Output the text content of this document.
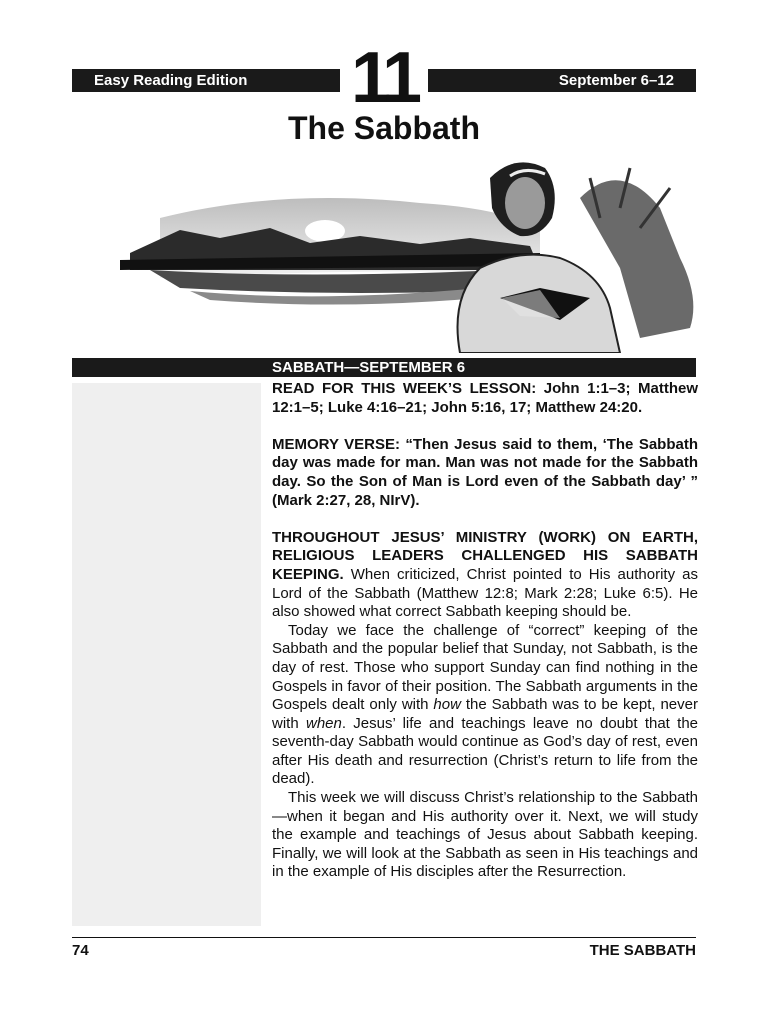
Easy Reading Edition	September 6–12
11
The Sabbath
SABBATH—SEPTEMBER 6

READ FOR THIS WEEK’S LESSON: John 1:1–3; Matthew 12:1–5; Luke 4:16–21; John 5:16, 17; Matthew 24:20.

MEMORY VERSE: “Then Jesus said to them, ‘The Sabbath day was made for man. Man was not made for the Sabbath day. So the Son of Man is Lord even of the Sabbath day’ ” (Mark 2:27, 28, NIrV).

THROUGHOUT JESUS’ MINISTRY (WORK) ON EARTH, RELIGIOUS LEADERS CHALLENGED HIS SABBATH KEEPING. When criticized, Christ pointed to His authority as Lord of the Sabbath (Matthew 12:8; Mark 2:28; Luke 6:5). He also showed what correct Sabbath keeping should be.

Today we face the challenge of “correct” keeping of the Sabbath and the popular belief that Sunday, not Sabbath, is the day of rest. Those who support Sunday can find nothing in the Gospels in favor of their position. The Sabbath arguments in the Gospels dealt only with how the Sabbath was to be kept, never with when. Jesus’ life and teachings leave no doubt that the seventh-day Sabbath would continue as God’s day of rest, even after His death and resurrection (Christ’s return to life from the dead).

This week we will discuss Christ’s relationship to the Sabbath—when it began and His authority over it. Next, we will study the example and teachings of Jesus about Sabbath keeping. Finally, we will look at the Sabbath as seen in His teachings and in the example of His disciples after the Resurrection.

74	THE SABBATH
